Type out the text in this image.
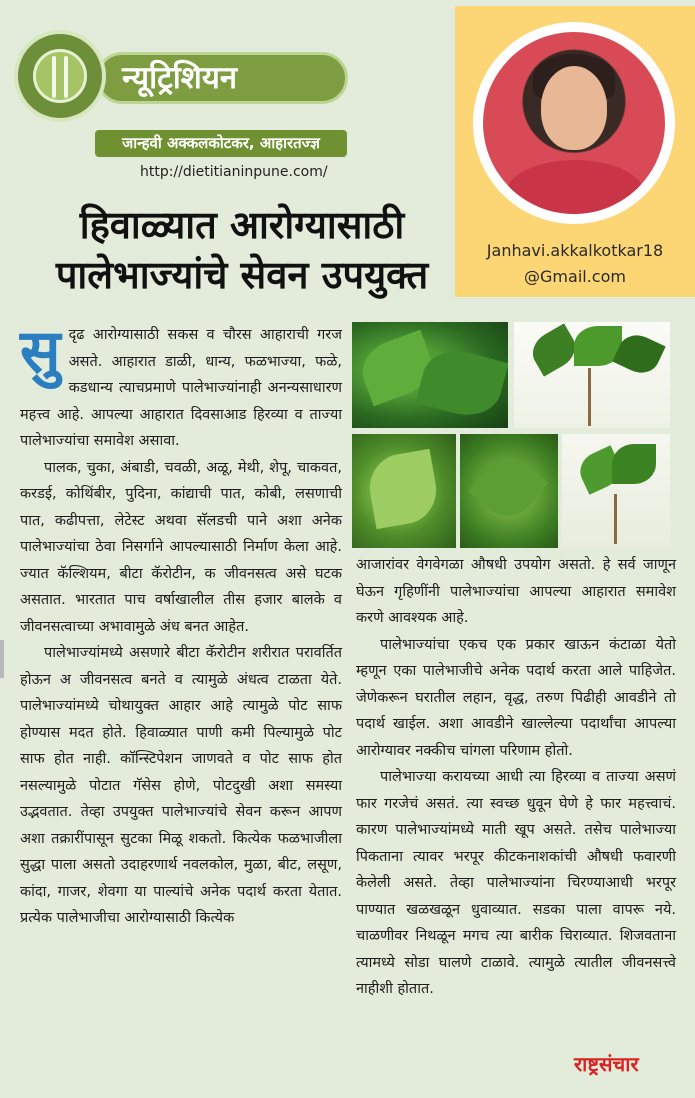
न्यूट्रिशियन
जान्हवी अक्कलकोटकर, आहारतज्ज्ञ
http://dietitianinpune.com/
हिवाळ्यात आरोग्यासाठी
पालेभाज्यांचे सेवन उपयुक्त
Janhavi.akkalkotkar18
@Gmail.com

सुदृढ आरोग्यासाठी सकस व चौरस आहाराची गरज असते. आहारात डाळी, धान्य, फळभाज्या, फळे, कडधान्य त्याचप्रमाणे पालेभाज्यांनाही अनन्यसाधारण महत्त्व आहे. आपल्या आहारात दिवसाआड हिरव्या व ताज्या पालेभाज्यांचा समावेश असावा.

पालक, चुका, अंबाडी, चवळी, अळू, मेथी, शेपू, चाकवत, करडई, कोथिंबीर, पुदिना, कांद्याची पात, कोबी, लसणाची पात, कढीपत्ता, लेटेस्ट अथवा सॅलडची पाने अशा अनेक पालेभाज्यांचा ठेवा निसर्गाने आपल्यासाठी निर्माण केला आहे. ज्यात कॅल्शियम, बीटा कॅरोटीन, क जीवनसत्व असे घटक असतात. भारतात पाच वर्षाखालील तीस हजार बालके व जीवनसत्वाच्या अभावामुळे अंध बनत आहेत.

पालेभाज्यांमध्ये असणारे बीटा कॅरोटीन शरीरात परावर्तित होऊन अ जीवनसत्व बनते व त्यामुळे अंधत्व टाळता येते. पालेभाज्यांमध्ये चोथायुक्त आहार आहे त्यामुळे पोट साफ होण्यास मदत होते. हिवाळ्यात पाणी कमी पिल्यामुळे पोट साफ होत नाही. कॉन्स्टिपेशन जाणवते व पोट साफ होत नसल्यामुळे पोटात गॅसेस होणे, पोटदुखी अशा समस्या उद्भवतात. तेव्हा उपयुक्त पालेभाज्यांचे सेवन करून आपण अशा तक्रारींपासून सुटका मिळू शकतो. कित्येक फळभाजीला सुद्धा पाला असतो उदाहरणार्थ नवलकोल, मुळा, बीट, लसूण, कांदा, गाजर, शेवगा या पाल्यांचे अनेक पदार्थ करता येतात. प्रत्येक पालेभाजीचा आरोग्यासाठी कित्येक

आजारांवर वेगवेगळा औषधी उपयोग असतो. हे सर्व जाणून घेऊन गृहिणींनी पालेभाज्यांचा आपल्या आहारात समावेश करणे आवश्यक आहे.

पालेभाज्यांचा एकच एक प्रकार खाऊन कंटाळा येतो म्हणून एका पालेभाजीचे अनेक पदार्थ करता आले पाहिजेत. जेणेकरून घरातील लहान, वृद्ध, तरुण पिढीही आवडीने तो पदार्थ खाईल. अशा आवडीने खाल्लेल्या पदार्थांचा आपल्या आरोग्यावर नक्कीच चांगला परिणाम होतो.

पालेभाज्या करायच्या आधी त्या हिरव्या व ताज्या असणं फार गरजेचं असतं. त्या स्वच्छ धुवून घेणे हे फार महत्त्वाचं. कारण पालेभाज्यांमध्ये माती खूप असते. तसेच पालेभाज्या पिकताना त्यावर भरपूर कीटकनाशकांची औषधी फवारणी केलेली असते. तेव्हा पालेभाज्यांना चिरण्याआधी भरपूर पाण्यात खळखळून धुवाव्यात. सडका पाला वापरू नये. चाळणीवर निथळून मगच त्या बारीक चिराव्यात. शिजवताना त्यामध्ये सोडा घालणे टाळावे. त्यामुळे त्यातील जीवनसत्त्वे नाहीशी होतात.

राष्ट्रसंचार
